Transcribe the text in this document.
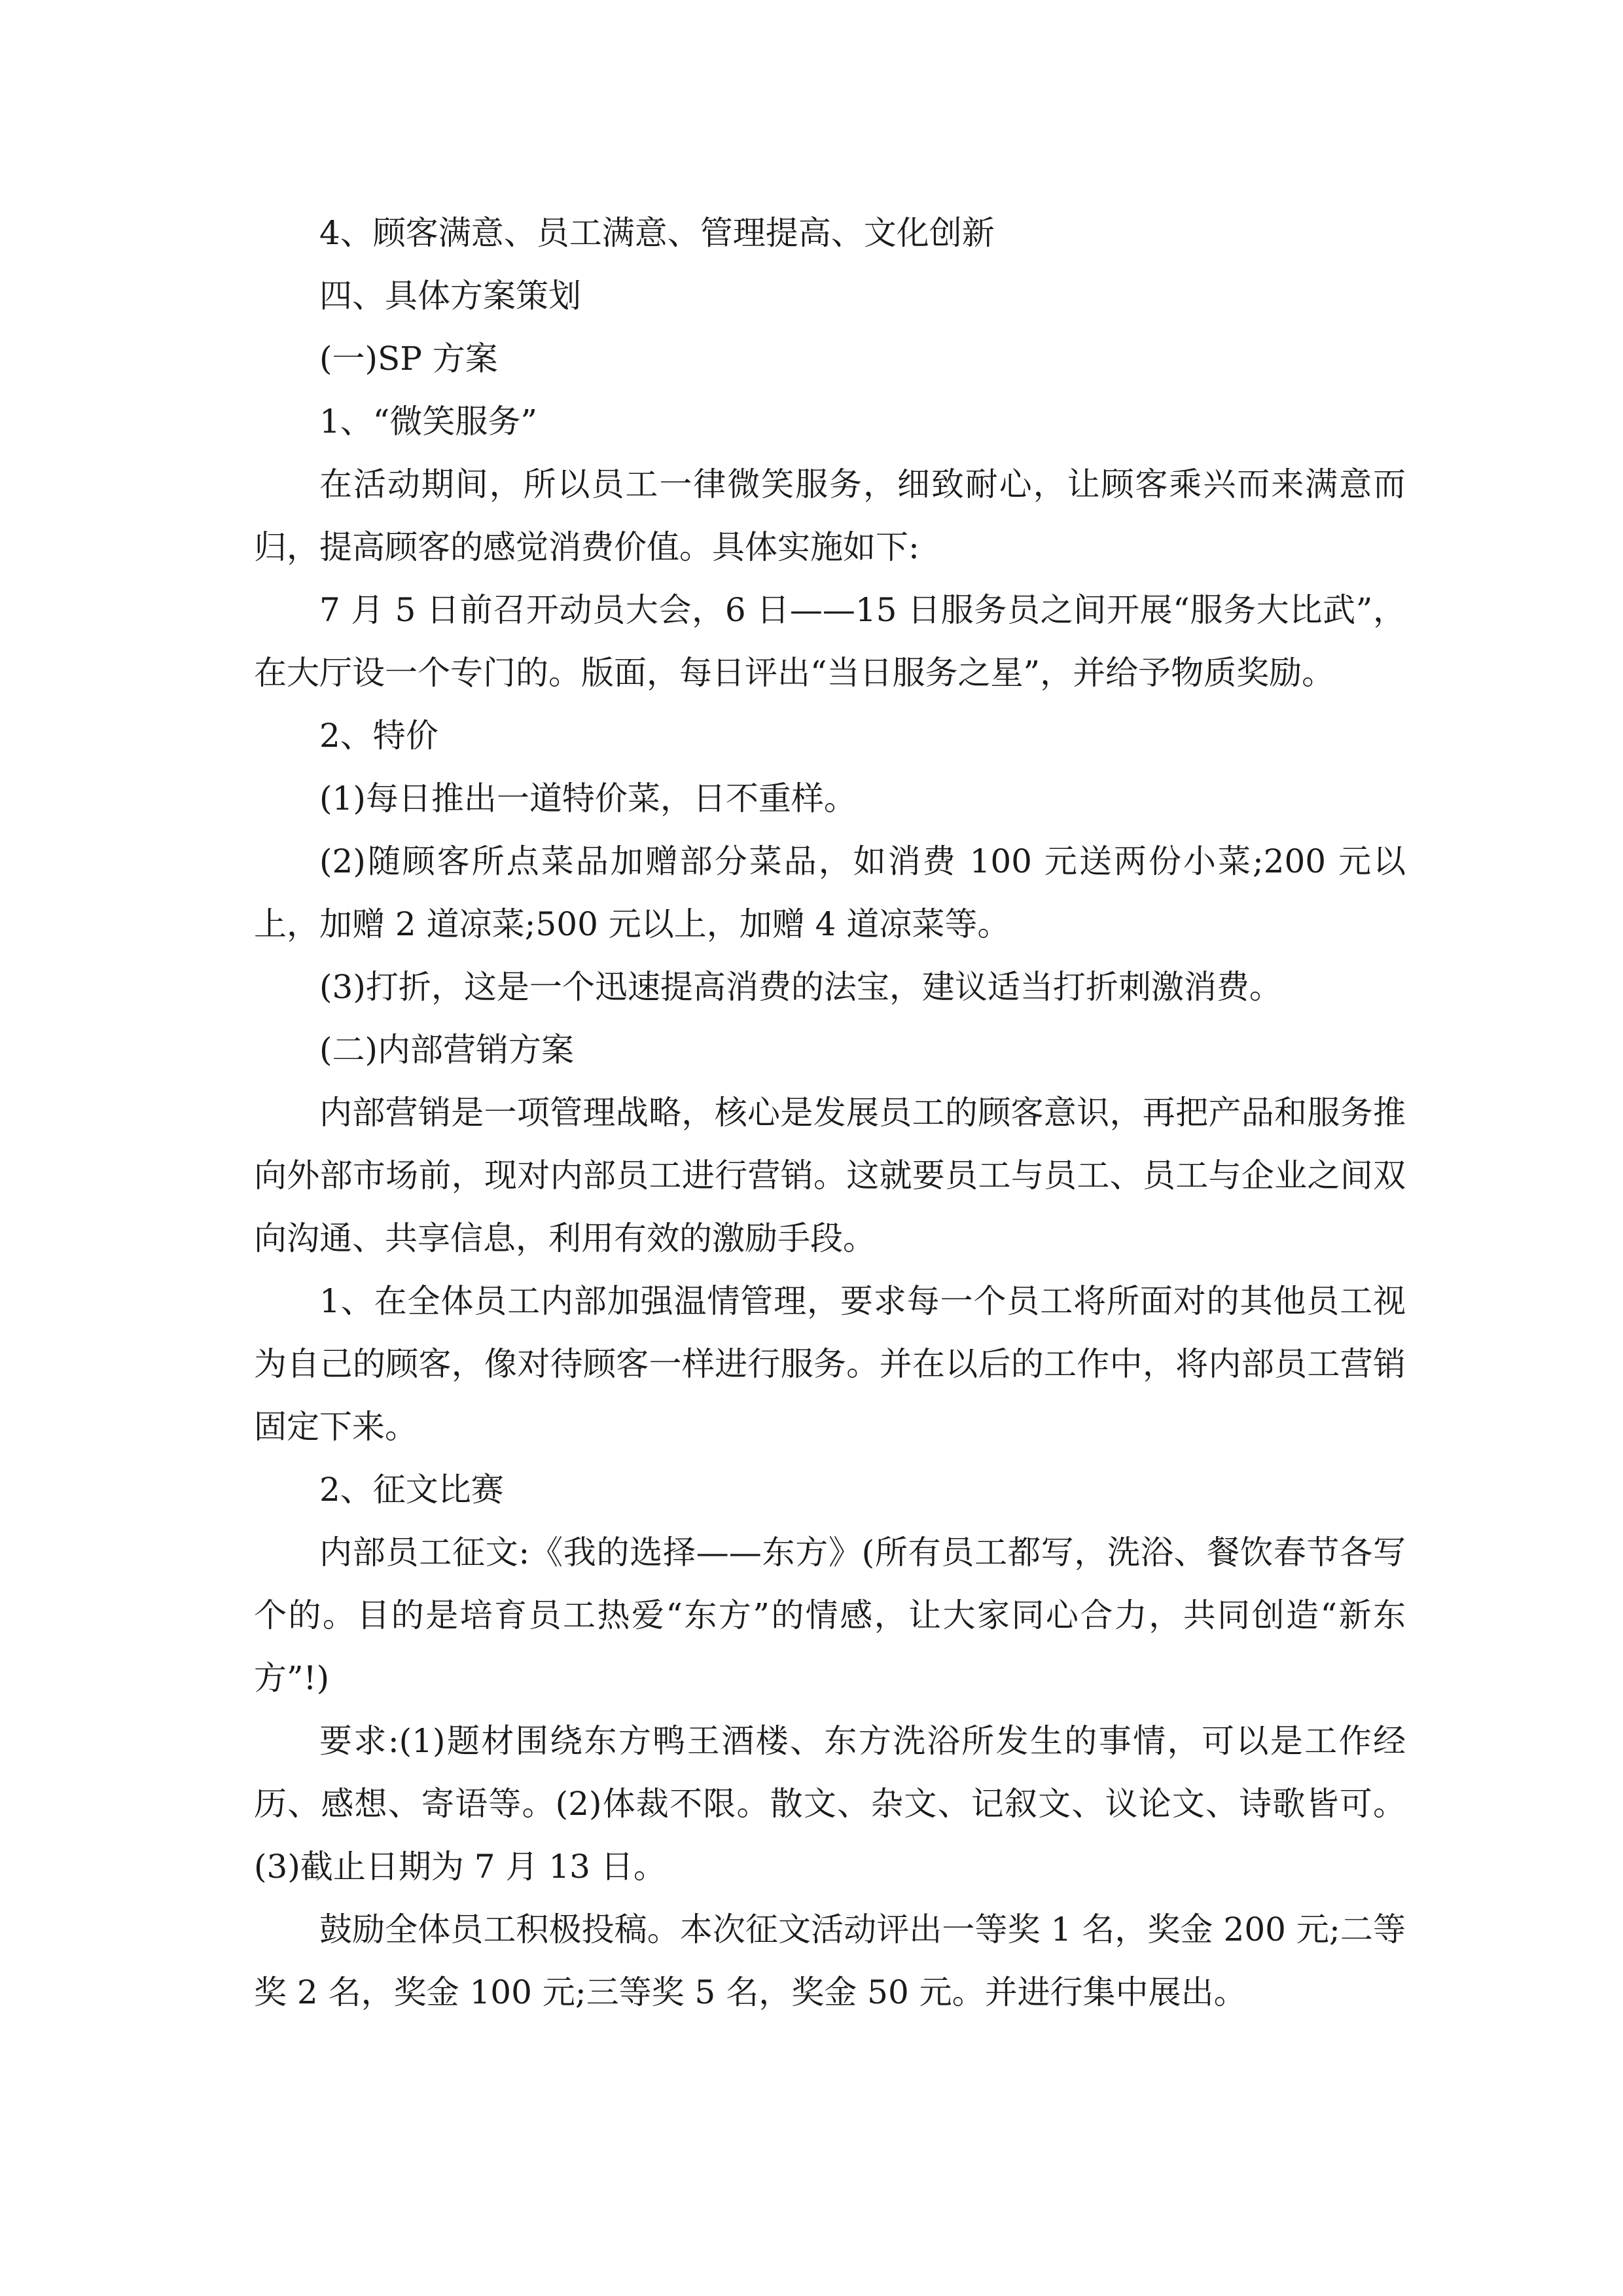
4、顾客满意、员工满意、管理提高、文化创新

四、具体方案策划

(一)SP 方案

1、“微笑服务”

在活动期间，所以员工一律微笑服务，细致耐心，让顾客乘兴而来满意而归，提高顾客的感觉消费价值。具体实施如下:

7 月 5 日前召开动员大会，6 日——15 日服务员之间开展“服务大比武”，在大厅设一个专门的。版面，每日评出“当日服务之星”，并给予物质奖励。

2、特价

(1)每日推出一道特价菜，日不重样。

(2)随顾客所点菜品加赠部分菜品，如消费 100 元送两份小菜;200 元以上，加赠 2 道凉菜;500 元以上，加赠 4 道凉菜等。

(3)打折，这是一个迅速提高消费的法宝，建议适当打折刺激消费。

(二)内部营销方案

内部营销是一项管理战略，核心是发展员工的顾客意识，再把产品和服务推向外部市场前，现对内部员工进行营销。这就要员工与员工、员工与企业之间双向沟通、共享信息，利用有效的激励手段。

1、在全体员工内部加强温情管理，要求每一个员工将所面对的其他员工视为自己的顾客，像对待顾客一样进行服务。并在以后的工作中，将内部员工营销固定下来。

2、征文比赛

内部员工征文:《我的选择——东方》(所有员工都写，洗浴、餐饮春节各写个的。目的是培育员工热爱“东方”的情感，让大家同心合力，共同创造“新东方”!)

要求:(1)题材围绕东方鸭王酒楼、东方洗浴所发生的事情，可以是工作经历、感想、寄语等。(2)体裁不限。散文、杂文、记叙文、议论文、诗歌皆可。(3)截止日期为 7 月 13 日。

鼓励全体员工积极投稿。本次征文活动评出一等奖 1 名，奖金 200 元;二等奖 2 名，奖金 100 元;三等奖 5 名，奖金 50 元。并进行集中展出。
